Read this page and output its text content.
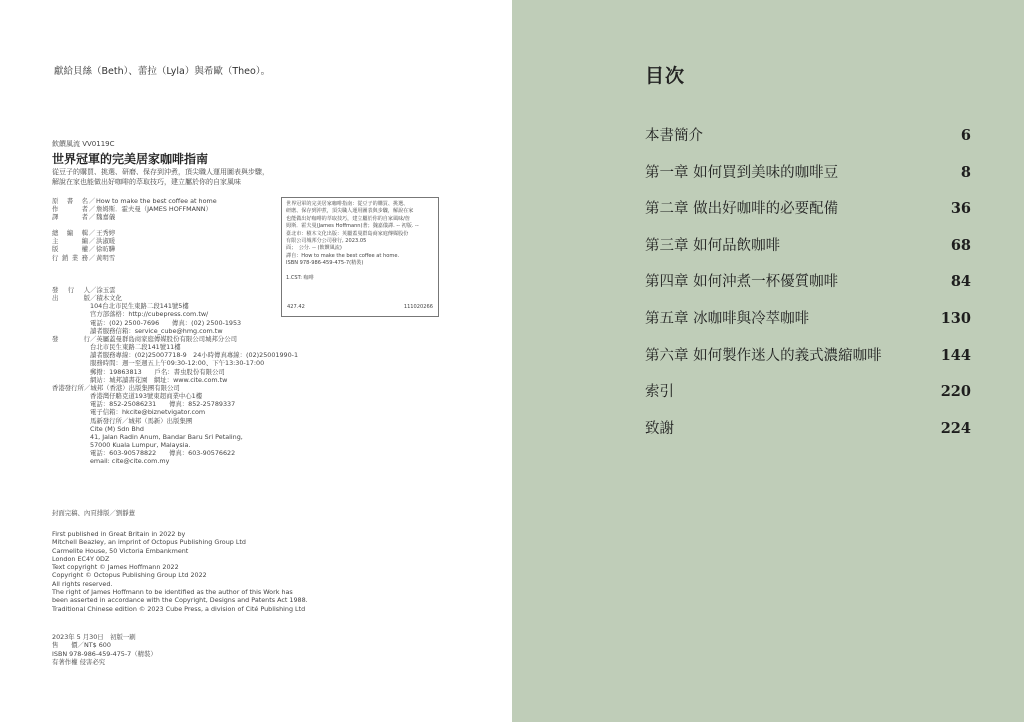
獻給貝絲（Beth）、蕾拉（Lyla）與希歐（Theo）。
飲饌風流 VV0119C
世界冠軍的完美居家咖啡指南
從豆子的購買、挑選、研磨、保存到沖煮，頂尖職人運用圖表與步驟，
解說在家也能做出好咖啡的萃取技巧，建立屬於你的自家風味
原 書 名 ／ How to make the best coffee at home
作 者 ／ 詹姆斯．霍夫曼（JAMES HOFFMANN）
譯 者 ／ 魏嘉儀
總 編 輯 ／ 王秀婷
主 編 ／ 洪淑暖
版 權 ／ 徐昉驊
行銷業務 ／ 黃明雪
世界冠軍的完美居家咖啡指南：從豆子的購買、挑選、
研磨、保存到沖煮，頂尖職人運用圖表與步驟，解說在家
也能做出好咖啡的萃取技巧，建立屬於你的自家風味/詹
姆斯．霍夫曼(James Hoffmann)著；魏嘉儀譯. -- 初版. --
臺北市：積木文化出版：英屬蓋曼群島商家庭傳媒股份
有限公司城邦分公司發行, 2023.05
面；　公分. -- (飲饌風流)
譯自：How to make the best coffee at home.
ISBN 978-986-459-475-7(精裝)
1.CST: 咖啡
427.42	111020266
發 行 人 ／ 涂玉雲
出 版 ／ 積木文化
104台北市民生東路二段141號5樓
官方部落格：http://cubepress.com.tw/
電話：(02) 2500-7696　　傳真：(02) 2500-1953
讀者服務信箱：service_cube@hmg.com.tw
發 行 ／ 英屬蓋曼群島商家庭傳媒股份有限公司城邦分公司
台北市民生東路二段141號11樓
讀者服務專線：(02)25007718-9　24小時傳真專線：(02)25001990-1
服務時間：週一至週五上午09:30-12:00、下午13:30-17:00
郵撥：19863813　　戶名：書虫股份有限公司
網站：城邦讀書花園　網址：www.cite.com.tw
香港發行所 ／ 城邦（香港）出版集團有限公司
香港灣仔駱克道193號東超商業中心1樓
電話：852-25086231　　傳真：852-25789337
電子信箱：hkcite@biznetvigator.com
馬新發行所 ／ 城邦（馬新）出版集團
Cite (M) Sdn Bhd
41, Jalan Radin Anum, Bandar Baru Sri Petaling,
57000 Kuala Lumpur, Malaysia.
電話：603-90578822　　傳真：603-90576622
email: cite@cite.com.my
封面完稿、內頁排版／劉靜薏
First published in Great Britain in 2022 by
Mitchell Beazley, an imprint of Octopus Publishing Group Ltd
Carmelite House, 50 Victoria Embankment
London EC4Y 0DZ
Text copyright © James Hoffmann 2022
Copyright © Octopus Publishing Group Ltd 2022
All rights reserved.
The right of James Hoffmann to be identified as the author of this Work has
been asserted in accordance with the Copyright, Designs and Patents Act 1988.
Traditional Chinese edition © 2023 Cube Press, a division of Cité Publishing Ltd
2023年 5 月30日　初版一刷
售　　價／NT$ 600
ISBN 978-986-459-475-7（精裝）
有著作權 侵害必究
目次
本書簡介	6
第一章 如何買到美味的咖啡豆	8
第二章 做出好咖啡的必要配備	36
第三章 如何品飲咖啡	68
第四章 如何沖煮一杯優質咖啡	84
第五章 冰咖啡與冷萃咖啡	130
第六章 如何製作迷人的義式濃縮咖啡	144
索引	220
致謝	224
